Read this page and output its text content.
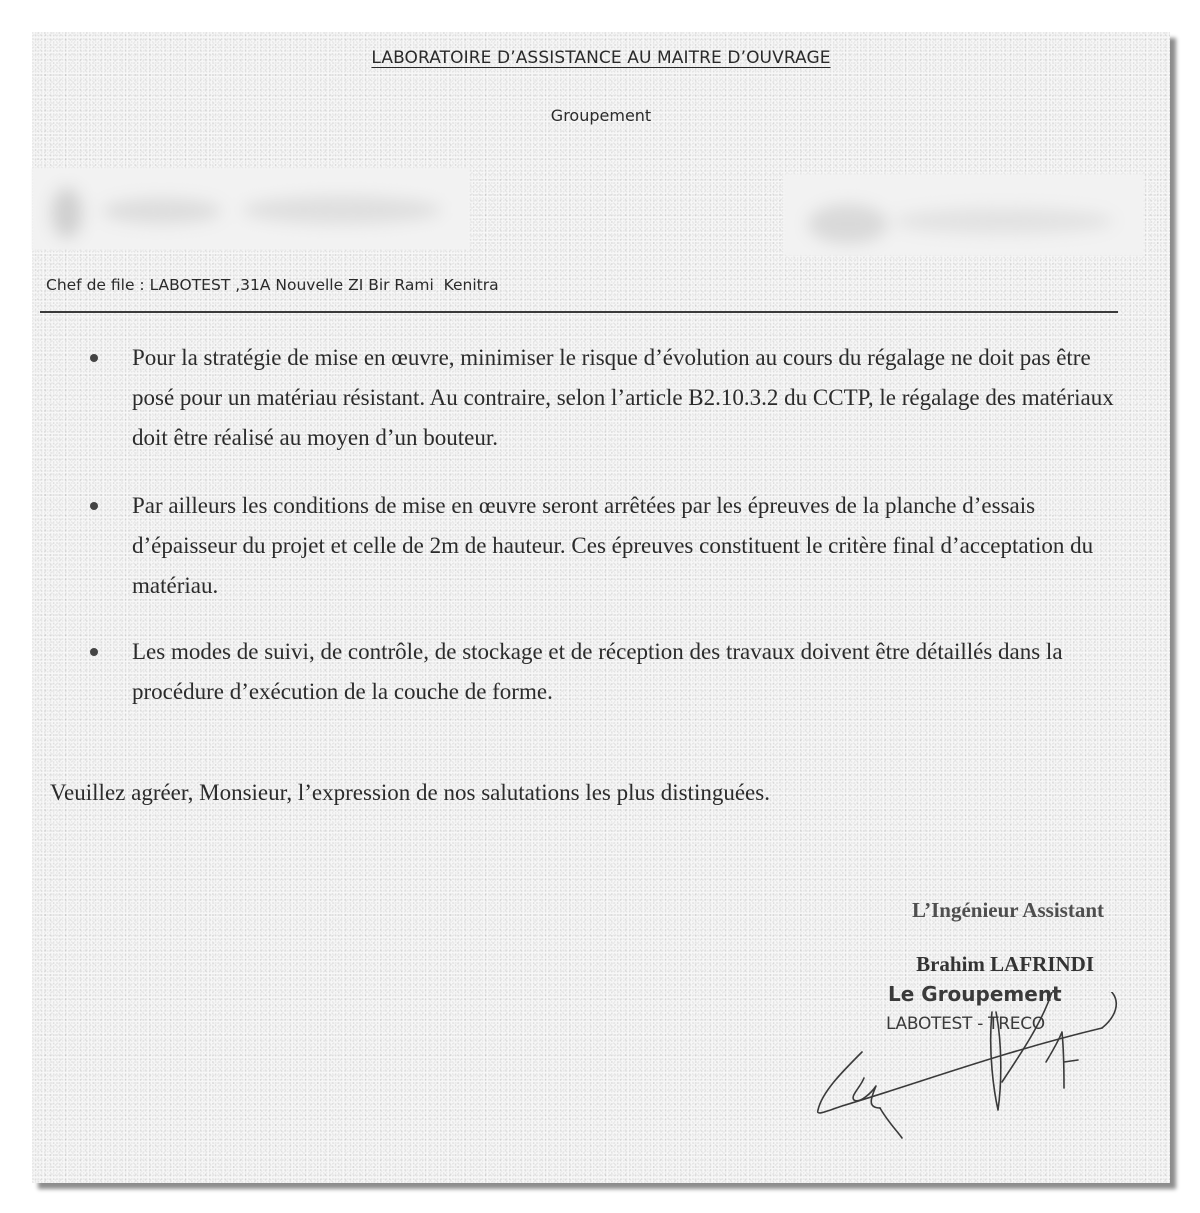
LABORATOIRE D’ASSISTANCE AU MAITRE D’OUVRAGE
Groupement
Chef de file : LABOTEST ,31A Nouvelle ZI Bir Rami  Kenitra
Pour la stratégie de mise en œuvre, minimiser le risque d’évolution au cours du régalage ne doit pas être posé pour un matériau résistant. Au contraire, selon l’article B2.10.3.2 du CCTP, le régalage des matériaux doit être réalisé au moyen d’un bouteur.
Par ailleurs les conditions de mise en œuvre seront arrêtées par les épreuves de la planche d’essais d’épaisseur du projet et celle de 2m de hauteur. Ces épreuves constituent le critère final d’acceptation du matériau.
Les modes de suivi, de contrôle, de stockage et de réception des travaux doivent être détaillés dans la procédure d’exécution de la couche de forme.
Veuillez agréer, Monsieur, l’expression de nos salutations les plus distinguées.
L’Ingénieur Assistant
Brahim LAFRINDI
Le Groupement
LABOTEST - TRECO
